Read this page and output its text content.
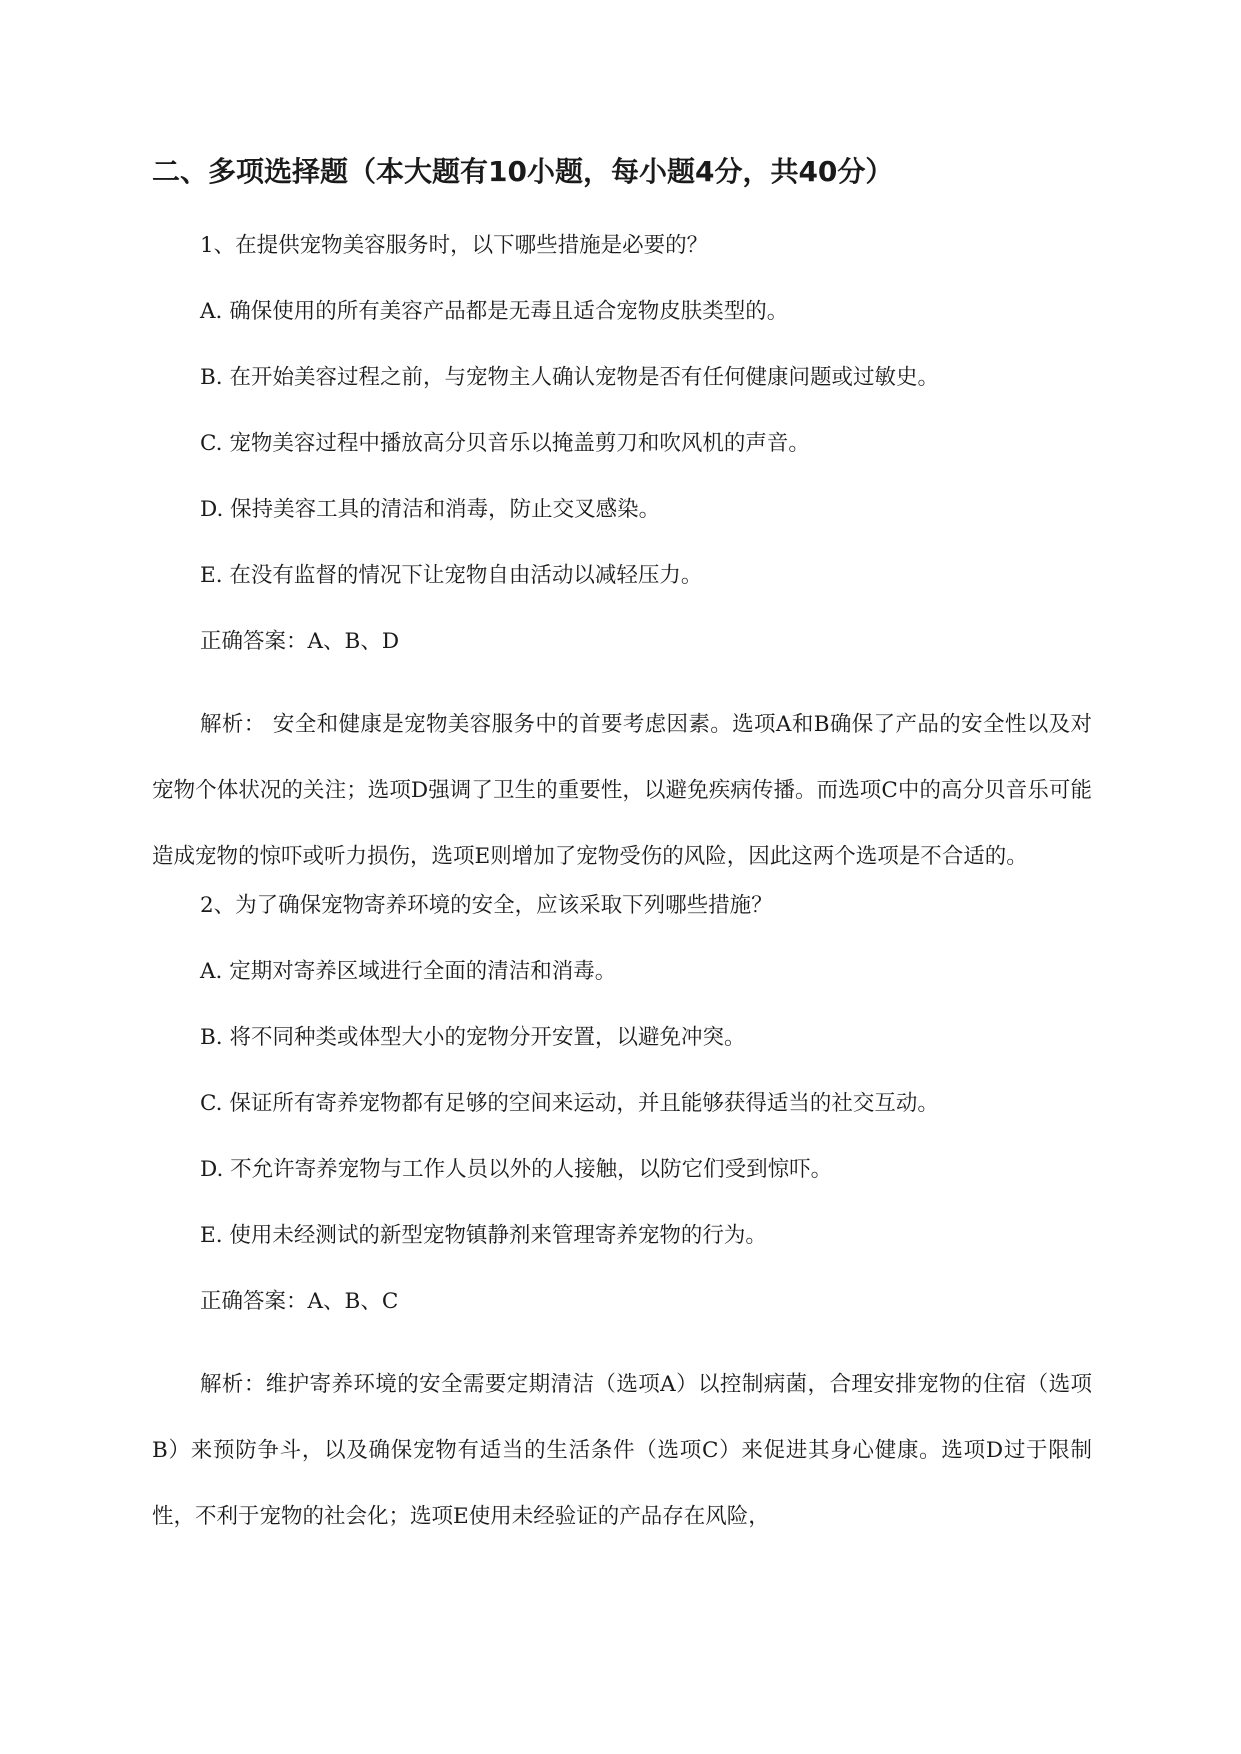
二、多项选择题（本大题有10小题，每小题4分，共40分）
1、在提供宠物美容服务时，以下哪些措施是必要的？
A. 确保使用的所有美容产品都是无毒且适合宠物皮肤类型的。
B. 在开始美容过程之前，与宠物主人确认宠物是否有任何健康问题或过敏史。
C. 宠物美容过程中播放高分贝音乐以掩盖剪刀和吹风机的声音。
D. 保持美容工具的清洁和消毒，防止交叉感染。
E. 在没有监督的情况下让宠物自由活动以减轻压力。
正确答案：A、B、D

解析： 安全和健康是宠物美容服务中的首要考虑因素。选项A和B确保了产品的安全性以及对宠物个体状况的关注；选项D强调了卫生的重要性，以避免疾病传播。而选项C中的高分贝音乐可能造成宠物的惊吓或听力损伤，选项E则增加了宠物受伤的风险，因此这两个选项是不合适的。

2、为了确保宠物寄养环境的安全，应该采取下列哪些措施？
A. 定期对寄养区域进行全面的清洁和消毒。
B. 将不同种类或体型大小的宠物分开安置，以避免冲突。
C. 保证所有寄养宠物都有足够的空间来运动，并且能够获得适当的社交互动。
D. 不允许寄养宠物与工作人员以外的人接触，以防它们受到惊吓。
E. 使用未经测试的新型宠物镇静剂来管理寄养宠物的行为。
正确答案：A、B、C

解析：维护寄养环境的安全需要定期清洁（选项A）以控制病菌，合理安排宠物的住宿（选项B）来预防争斗，以及确保宠物有适当的生活条件（选项C）来促进其身心健康。选项D过于限制性，不利于宠物的社会化；选项E使用未经验证的产品存在风险，
